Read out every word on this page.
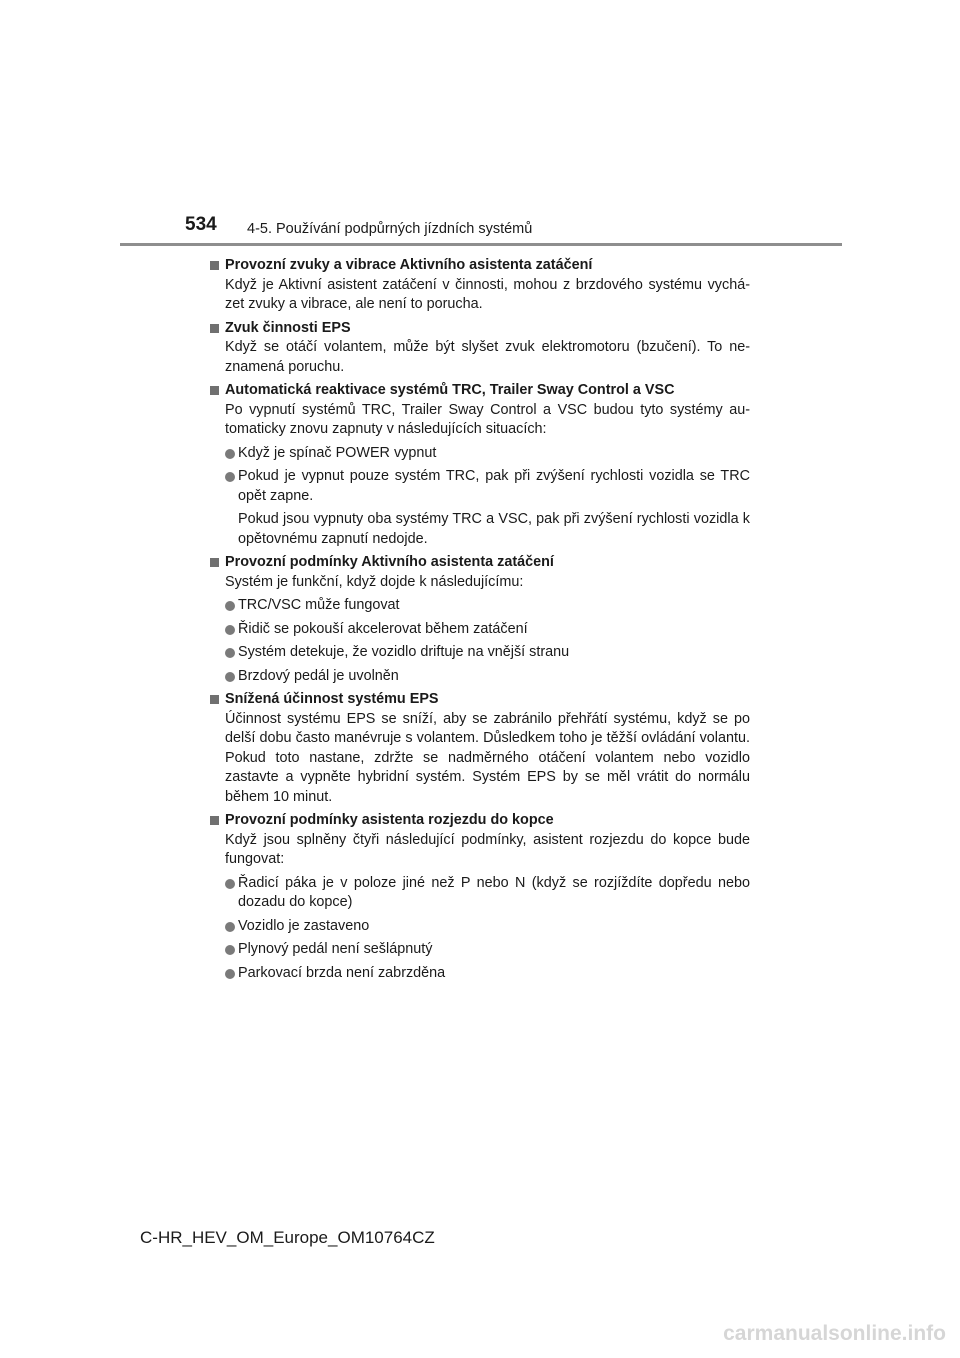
534 4-5. Používání podpůrných jízdních systémů
Provozní zvuky a vibrace Aktivního asistenta zatáčení
Když je Aktivní asistent zatáčení v činnosti, mohou z brzdového systému vychá-zet zvuky a vibrace, ale není to porucha.
Zvuk činnosti EPS
Když se otáčí volantem, může být slyšet zvuk elektromotoru (bzučení). To ne-znamená poruchu.
Automatická reaktivace systémů TRC, Trailer Sway Control a VSC
Po vypnutí systémů TRC, Trailer Sway Control a VSC budou tyto systémy au-tomaticky znovu zapnuty v následujících situacích:
Když je spínač POWER vypnut
Pokud je vypnut pouze systém TRC, pak při zvýšení rychlosti vozidla se TRC opět zapne.
Pokud jsou vypnuty oba systémy TRC a VSC, pak při zvýšení rychlosti vozidla k opětovnému zapnutí nedojde.
Provozní podmínky Aktivního asistenta zatáčení
Systém je funkční, když dojde k následujícímu:
TRC/VSC může fungovat
Řidič se pokouší akcelerovat během zatáčení
Systém detekuje, že vozidlo driftuje na vnější stranu
Brzdový pedál je uvolněn
Snížená účinnost systému EPS
Účinnost systému EPS se sníží, aby se zabránilo přehřátí systému, když se po delší dobu často manévruje s volantem. Důsledkem toho je těžší ovládání volantu. Pokud toto nastane, zdržte se nadměrného otáčení volantem nebo vozidlo zastavte a vypněte hybridní systém. Systém EPS by se měl vrátit do normálu během 10 minut.
Provozní podmínky asistenta rozjezdu do kopce
Když jsou splněny čtyři následující podmínky, asistent rozjezdu do kopce bude fungovat:
Řadicí páka je v poloze jiné než P nebo N (když se rozjíždíte dopředu nebo dozadu do kopce)
Vozidlo je zastaveno
Plynový pedál není sešlápnutý
Parkovací brzda není zabrzděna
C-HR_HEV_OM_Europe_OM10764CZ
carmanualsonline.info
